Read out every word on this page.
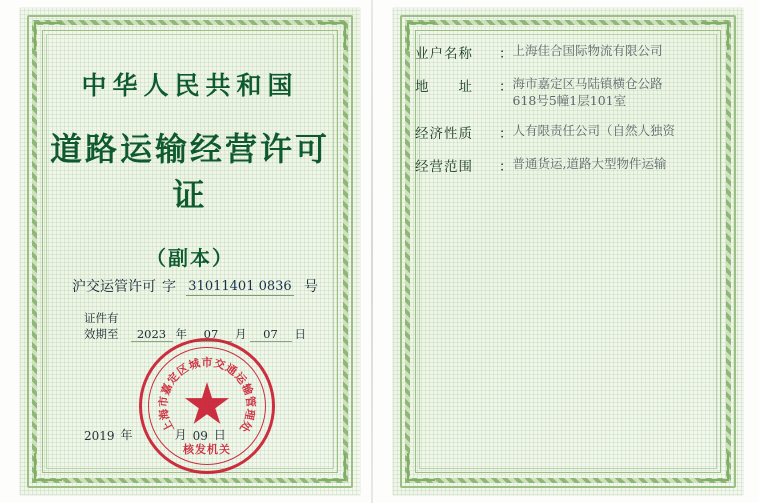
中华人民共和国
道路运输经营许可证
（副本）
沪交运管许可 字 31011401 0836 号
证件有效期至	2023 年	07	月	07	日
上
海
市
嘉
定
区
城 市 交
通
运
输
管
理
处
核发机关
2019 年	月 09 日
业户名称	： 上海佳合国际物流有限公司
地　　址	： 海市嘉定区马陆镇横仓公路
618号5幢1层101室
经济性质	： 人有限责任公司（自然人独资
经营范围	： 普通货运,道路大型物件运输
